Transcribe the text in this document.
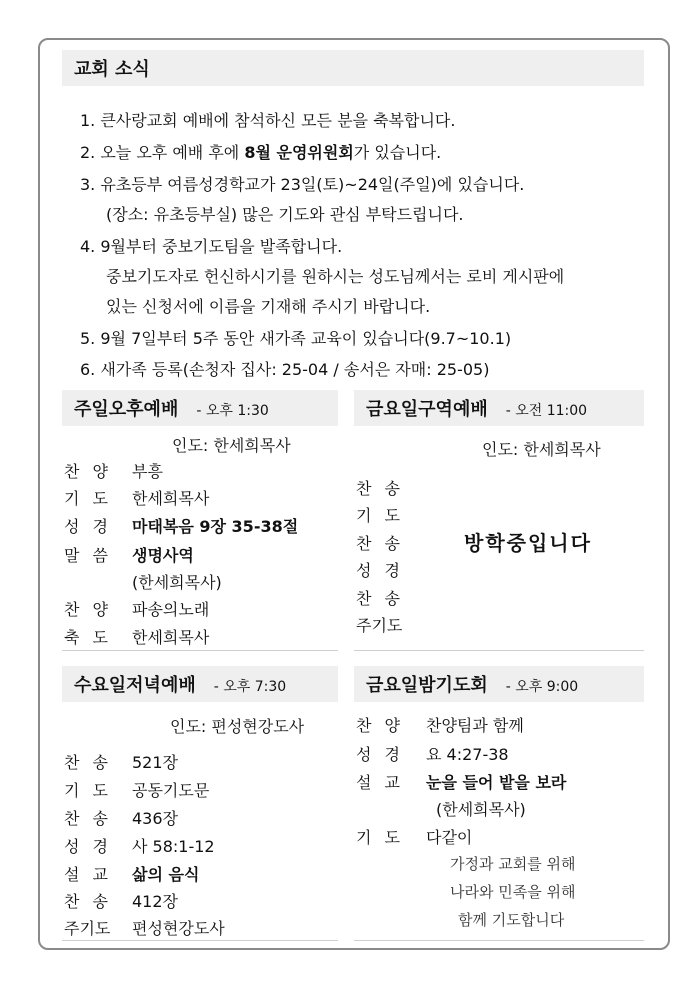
교회 소식
1. 큰사랑교회 예배에 참석하신 모든 분을 축복합니다.
2. 오늘 오후 예배 후에 8월 운영위원회가 있습니다.
3. 유초등부 여름성경학교가 23일(토)~24일(주일)에 있습니다.
(장소: 유초등부실) 많은 기도와 관심 부탁드립니다.
4. 9월부터 중보기도팀을 발족합니다.
중보기도자로 헌신하시기를 원하시는 성도님께서는 로비 게시판에
있는 신청서에 이름을 기재해 주시기 바랍니다.
5. 9월 7일부터 5주 동안 새가족 교육이 있습니다(9.7~10.1)
6. 새가족 등록(손청자 집사: 25-04 / 송서은 자매: 25-05)
주일오후예배 - 오후 1:30
인도: 한세희목사
찬 양 부흥
기 도 한세희목사
성 경 마태복음 9장 35-38절
말 씀 생명사역
(한세희목사)
찬 양 파송의노래
축 도 한세희목사
금요일구역예배 - 오전 11:00
인도: 한세희목사
찬 송
기 도
찬 송
성 경
찬 송
주기도
방학중입니다
수요일저녁예배 - 오후 7:30
인도: 편성현강도사
찬 송 521장
기 도 공동기도문
찬 송 436장
성 경 사 58:1-12
설 교 삶의 음식
찬 송 412장
주기도 편성현강도사
금요일밤기도회 - 오후 9:00
찬 양 찬양팀과 함께
성 경 요 4:27-38
설 교 눈을 들어 밭을 보라
(한세희목사)
기 도 다같이
가정과 교회를 위해
나라와 민족을 위해
함께 기도합니다
